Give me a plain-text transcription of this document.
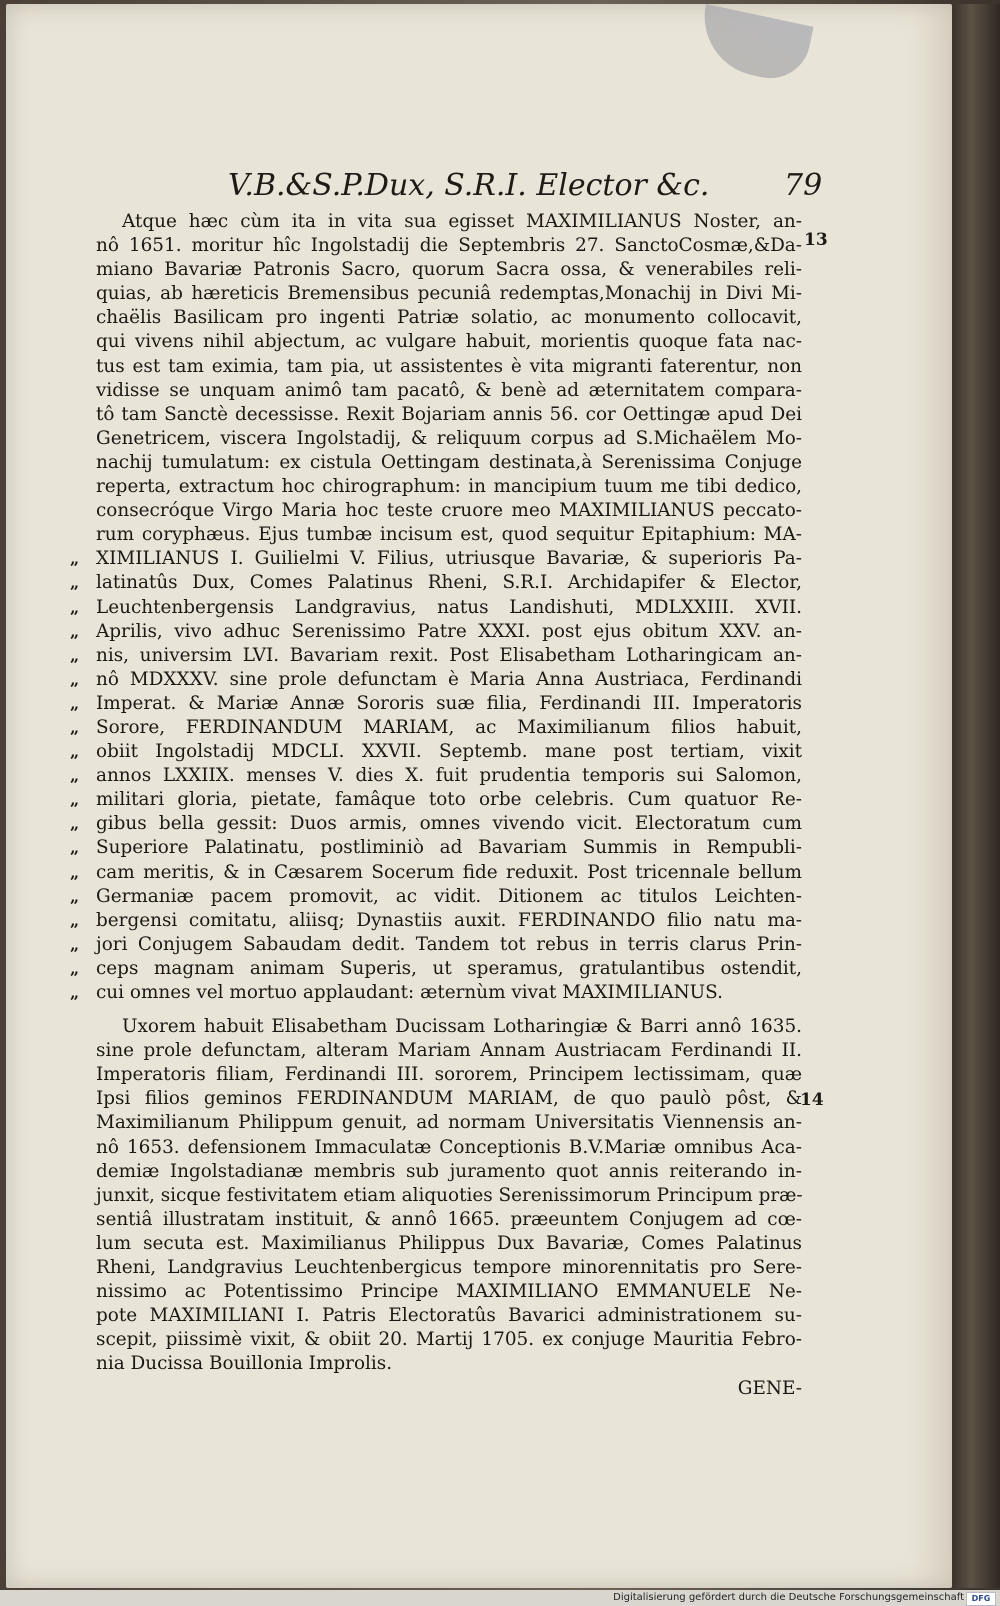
V.B.&S.P.Dux, S.R.I. Elector &c. 79
13
14
Atque hæc cùm ita in vita sua egisset MAXIMILIANUS Noster, an-
nô 1651. moritur hîc Ingolstadij die Septembris 27. SanctoCosmæ,&Da-
miano Bavariæ Patronis Sacro, quorum Sacra ossa, & venerabiles reli-
quias, ab hæreticis Bremensibus pecuniâ redemptas,Monachij in Divi Mi-
chaëlis Basilicam pro ingenti Patriæ solatio, ac monumento collocavit,
qui vivens nihil abjectum, ac vulgare habuit, morientis quoque fata nac-
tus est tam eximia, tam pia, ut assistentes è vita migranti faterentur, non
vidisse se unquam animô tam pacatô, & benè ad æternitatem compara-
tô tam Sanctè decessisse. Rexit Bojariam annis 56. cor Oettingæ apud Dei
Genetricem, viscera Ingolstadij, & reliquum corpus ad S.Michaëlem Mo-
nachij tumulatum: ex cistula Oettingam destinata,à Serenissima Conjuge
reperta, extractum hoc chirographum: in mancipium tuum me tibi dedico,
consecróque Virgo Maria hoc teste cruore meo MAXIMILIANUS peccato-
rum coryphæus. Ejus tumbæ incisum est, quod sequitur Epitaphium: MA-
„ XIMILIANUS I. Guilielmi V. Filius, utriusque Bavariæ, & superioris Pa-
„ latinatûs Dux, Comes Palatinus Rheni, S.R.I. Archidapifer & Elector,
„ Leuchtenbergensis Landgravius, natus Landishuti, MDLXXIII. XVII.
„ Aprilis, vivo adhuc Serenissimo Patre XXXI. post ejus obitum XXV. an-
„ nis, universim LVI. Bavariam rexit. Post Elisabetham Lotharingicam an-
„ nô MDXXXV. sine prole defunctam è Maria Anna Austriaca, Ferdinandi
„ Imperat. & Mariæ Annæ Sororis suæ filia, Ferdinandi III. Imperatoris
„ Sorore, FERDINANDUM MARIAM, ac Maximilianum filios habuit,
„ obiit Ingolstadij MDCLI. XXVII. Septemb. mane post tertiam, vixit
„ annos LXXIIX. menses V. dies X. fuit prudentia temporis sui Salomon,
„ militari gloria, pietate, famâque toto orbe celebris. Cum quatuor Re-
„ gibus bella gessit: Duos armis, omnes vivendo vicit. Electoratum cum
„ Superiore Palatinatu, postliminiò ad Bavariam Summis in Rempubli-
„ cam meritis, & in Cæsarem Socerum fide reduxit. Post tricennale bellum
„ Germaniæ pacem promovit, ac vidit. Ditionem ac titulos Leichten-
„ bergensi comitatu, aliisq; Dynastiis auxit. FERDINANDO filio natu ma-
„ jori Conjugem Sabaudam dedit. Tandem tot rebus in terris clarus Prin-
„ ceps magnam animam Superis, ut speramus, gratulantibus ostendit,
„ cui omnes vel mortuo applaudant: æternùm vivat MAXIMILIANUS.
Uxorem habuit Elisabetham Ducissam Lotharingiæ & Barri annô 1635.
sine prole defunctam, alteram Mariam Annam Austriacam Ferdinandi II.
Imperatoris filiam, Ferdinandi III. sororem, Principem lectissimam, quæ
Ipsi filios geminos FERDINANDUM MARIAM, de quo paulò pôst, &
Maximilianum Philippum genuit, ad normam Universitatis Viennensis an-
nô 1653. defensionem Immaculatæ Conceptionis B.V.Mariæ omnibus Aca-
demiæ Ingolstadianæ membris sub juramento quot annis reiterando in-
junxit, sicque festivitatem etiam aliquoties Serenissimorum Principum præ-
sentiâ illustratam instituit, & annô 1665. præeuntem Conjugem ad cœ-
lum secuta est. Maximilianus Philippus Dux Bavariæ, Comes Palatinus
Rheni, Landgravius Leuchtenbergicus tempore minorennitatis pro Sere-
nissimo ac Potentissimo Principe MAXIMILIANO EMMANUELE Ne-
pote MAXIMILIANI I. Patris Electoratûs Bavarici administrationem su-
scepit, piissimè vixit, & obiit 20. Martij 1705. ex conjuge Mauritia Febro-
nia Ducissa Bouillonia Improlis.
GENE-
Digitalisierung gefördert durch die Deutsche Forschungsgemeinschaft DFG
